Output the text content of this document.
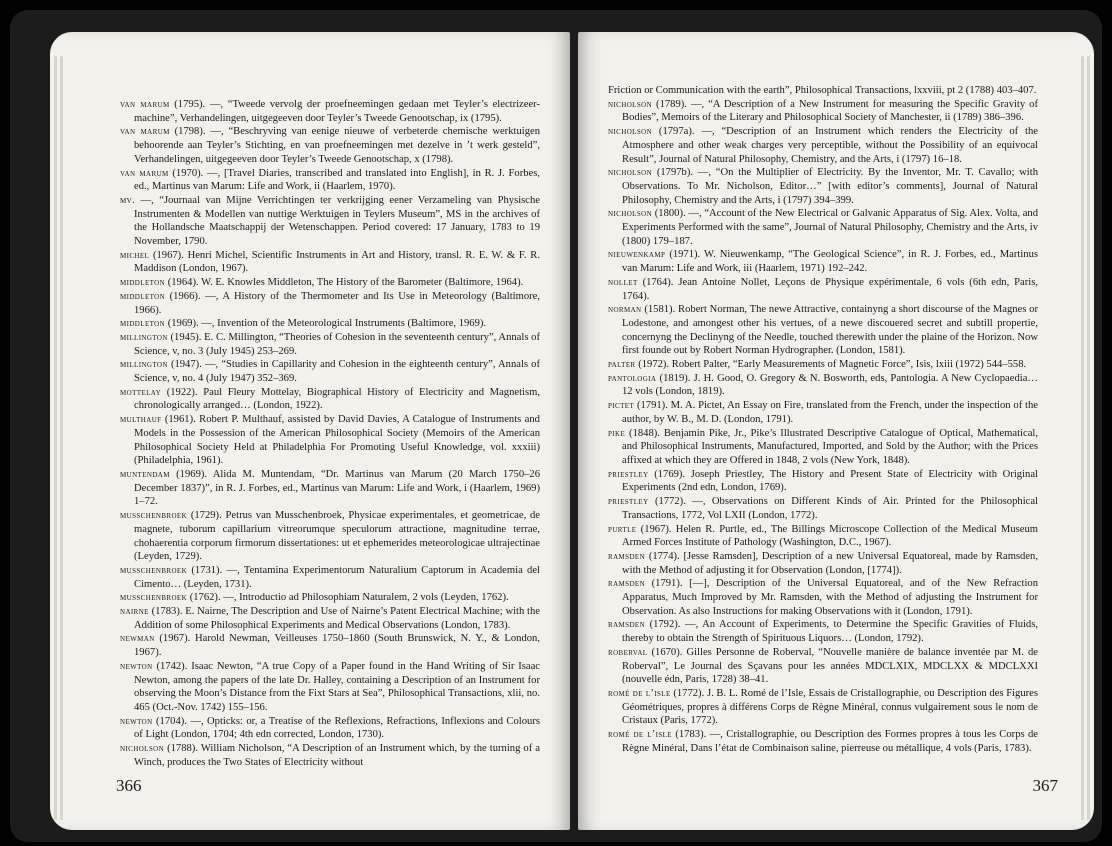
van marum (1795). —, “Tweede vervolg der proefneemingen gedaan met Teyler’s electrizeer-machine”, Verhandelingen, uitgegeeven door Teyler’s Tweede Genootschap, ix (1795).

van marum (1798). —, “Beschryving van eenige nieuwe of verbeterde chemische werktuigen behoorende aan Teyler’s Stichting, en van proefneemingen met dezelve in ’t werk gesteld”, Verhandelingen, uitgegeeven door Teyler’s Tweede Genootschap, x (1798).

van marum (1970). —, [Travel Diaries, transcribed and translated into English], in R. J. Forbes, ed., Martinus van Marum: Life and Work, ii (Haarlem, 1970).

mv. —, “Journaal van Mijne Verrichtingen ter verkrijging eener Verzameling van Physische Instrumenten & Modellen van nuttige Werktuigen in Teylers Museum”, MS in the archives of the Hollandsche Maatschappij der Wetenschappen. Period covered: 17 January, 1783 to 19 November, 1790.

michel (1967). Henri Michel, Scientific Instruments in Art and History, transl. R. E. W. & F. R. Maddison (London, 1967).

middleton (1964). W. E. Knowles Middleton, The History of the Barometer (Baltimore, 1964).

middleton (1966). —, A History of the Thermometer and Its Use in Meteorology (Baltimore, 1966).

middleton (1969). —, Invention of the Meteorological Instruments (Baltimore, 1969).

millington (1945). E. C. Millington, “Theories of Cohesion in the seventeenth century”, Annals of Science, v, no. 3 (July 1945) 253–269.

millington (1947). —, “Studies in Capillarity and Cohesion in the eighteenth century”, Annals of Science, v, no. 4 (July 1947) 352–369.

mottelay (1922). Paul Fleury Mottelay, Biographical History of Electricity and Magnetism, chronologically arranged… (London, 1922).

multhauf (1961). Robert P. Multhauf, assisted by David Davies, A Catalogue of Instruments and Models in the Possession of the American Philosophical Society (Memoirs of the American Philosophical Society Held at Philadelphia For Promoting Useful Knowledge, vol. xxxiii) (Philadelphia, 1961).

muntendam (1969). Alida M. Muntendam, “Dr. Martinus van Marum (20 March 1750–26 December 1837)”, in R. J. Forbes, ed., Martinus van Marum: Life and Work, i (Haarlem, 1969) 1–72.

musschenbroek (1729). Petrus van Musschenbroek, Physicae experimentales, et geometricae, de magnete, tuborum capillarium vitreorumque speculorum attractione, magnitudine terrae, chohaerentia corporum firmorum dissertationes: ut et ephemerides meteorologicae ultrajectinae (Leyden, 1729).

musschenbroek (1731). —, Tentamina Experimentorum Naturalium Captorum in Academia del Cimento… (Leyden, 1731).

musschenbroek (1762). —, Introductio ad Philosophiam Naturalem, 2 vols (Leyden, 1762).

nairne (1783). E. Nairne, The Description and Use of Nairne’s Patent Electrical Machine; with the Addition of some Philosophical Experiments and Medical Observations (London, 1783).

newman (1967). Harold Newman, Veilleuses 1750–1860 (South Brunswick, N. Y., & London, 1967).

newton (1742). Isaac Newton, “A true Copy of a Paper found in the Hand Writing of Sir Isaac Newton, among the papers of the late Dr. Halley, containing a Description of an Instrument for observing the Moon’s Distance from the Fixt Stars at Sea”, Philosophical Transactions, xlii, no. 465 (Oct.-Nov. 1742) 155–156.

newton (1704). —, Opticks: or, a Treatise of the Reflexions, Refractions, Inflexions and Colours of Light (London, 1704; 4th edn corrected, London, 1730).

nicholson (1788). William Nicholson, “A Description of an Instrument which, by the turning of a Winch, produces the Two States of Electricity without

366

Friction or Communication with the earth”, Philosophical Transactions, lxxviii, pt 2 (1788) 403–407.

nicholson (1789). —, “A Description of a New Instrument for measuring the Specific Gravity of Bodies”, Memoirs of the Literary and Philosophical Society of Manchester, ii (1789) 386–396.

nicholson (1797a). —, “Description of an Instrument which renders the Electricity of the Atmosphere and other weak charges very perceptible, without the Possibility of an equivocal Result”, Journal of Natural Philosophy, Chemistry, and the Arts, i (1797) 16–18.

nicholson (1797b). —, “On the Multiplier of Electricity. By the Inventor, Mr. T. Cavallo; with Observations. To Mr. Nicholson, Editor…” [with editor’s comments], Journal of Natural Philosophy, Chemistry and the Arts, i (1797) 394–399.

nicholson (1800). —, “Account of the New Electrical or Galvanic Apparatus of Sig. Alex. Volta, and Experiments Performed with the same”, Journal of Natural Philosophy, Chemistry and the Arts, iv (1800) 179–187.

nieuwenkamp (1971). W. Nieuwenkamp, “The Geological Science”, in R. J. Forbes, ed., Martinus van Marum: Life and Work, iii (Haarlem, 1971) 192–242.

nollet (1764). Jean Antoine Nollet, Leçons de Physique expérimentale, 6 vols (6th edn, Paris, 1764).

norman (1581). Robert Norman, The newe Attractive, containyng a short discourse of the Magnes or Lodestone, and amongest other his vertues, of a newe discouered secret and subtill propertie, concernyng the Declinyng of the Needle, touched therewith under the plaine of the Horizon. Now first founde out by Robert Norman Hydrographer. (London, 1581).

palter (1972). Robert Palter, “Early Measurements of Magnetic Force”, Isis, lxiii (1972) 544–558.

pantologia (1819). J. H. Good, O. Gregory & N. Bosworth, eds, Pantologia. A New Cyclopaedia… 12 vols (London, 1819).

pictet (1791). M. A. Pictet, An Essay on Fire, translated from the French, under the inspection of the author, by W. B., M. D. (London, 1791).

pike (1848). Benjamin Pike, Jr., Pike’s Illustrated Descriptive Catalogue of Optical, Mathematical, and Philosophical Instruments, Manufactured, Imported, and Sold by the Author; with the Prices affixed at which they are Offered in 1848, 2 vols (New York, 1848).

priestley (1769). Joseph Priestley, The History and Present State of Electricity with Original Experiments (2nd edn, London, 1769).

priestley (1772). —, Observations on Different Kinds of Air. Printed for the Philosophical Transactions, 1772, Vol LXII (London, 1772).

purtle (1967). Helen R. Purtle, ed., The Billings Microscope Collection of the Medical Museum Armed Forces Institute of Pathology (Washington, D.C., 1967).

ramsden (1774). [Jesse Ramsden], Description of a new Universal Equatoreal, made by Ramsden, with the Method of adjusting it for Observation (London, [1774]).

ramsden (1791). [—], Description of the Universal Equatoreal, and of the New Refraction Apparatus, Much Improved by Mr. Ramsden, with the Method of adjusting the Instrument for Observation. As also Instructions for making Observations with it (London, 1791).

ramsden (1792). —, An Account of Experiments, to Determine the Specific Gravities of Fluids, thereby to obtain the Strength of Spirituous Liquors… (London, 1792).

roberval (1670). Gilles Personne de Roberval, “Nouvelle manière de balance inventée par M. de Roberval”, Le Journal des Sçavans pour les années MDCLXIX, MDCLXX & MDCLXXI (nouvelle édn, Paris, 1728) 38–41.

romé de l’isle (1772). J. B. L. Romé de l’Isle, Essais de Cristallographie, ou Description des Figures Géométriques, propres à différens Corps de Règne Minéral, connus vulgairement sous le nom de Cristaux (Paris, 1772).

romé de l’isle (1783). —, Cristallographie, ou Description des Formes propres à tous les Corps de Règne Minéral, Dans l’état de Combinaison saline, pierreuse ou métallique, 4 vols (Paris, 1783).

367
